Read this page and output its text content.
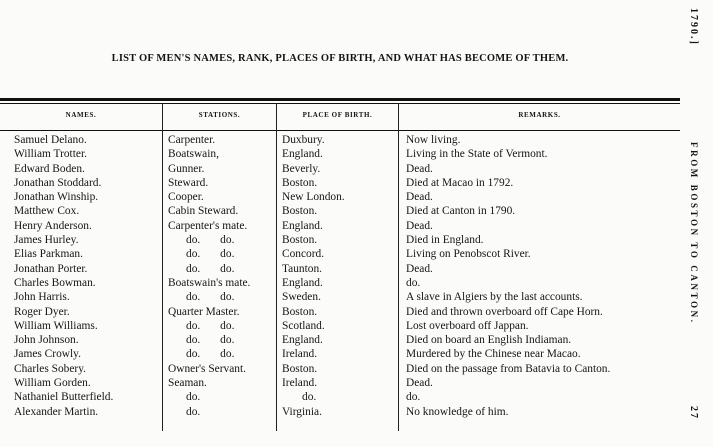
1790.]
FROM BOSTON TO CANTON.
27
LIST OF MEN'S NAMES, RANK, PLACES OF BIRTH, AND WHAT HAS BECOME OF THEM.
NAMES.	STATIONS.	PLACE OF BIRTH.	REMARKS.
Samuel Delano.	Carpenter.	Duxbury.	Now living.
William Trotter.	Boatswain,	England.	Living in the State of Vermont.
Edward Boden.	Gunner.	Beverly.	Dead.
Jonathan Stoddard.	Steward.	Boston.	Died at Macao in 1792.
Jonathan Winship.	Cooper.	New London.	Dead.
Matthew Cox.	Cabin Steward.	Boston.	Died at Canton in 1790.
Henry Anderson.	Carpenter's mate.	England.	Dead.
James Hurley.	do.       do.	Boston.	Died in England.
Elias Parkman.	do.       do.	Concord.	Living on Penobscot River.
Jonathan Porter.	do.       do.	Taunton.	Dead.
Charles Bowman.	Boatswain's mate.	England.	do.
John Harris.	do.       do.	Sweden.	A slave in Algiers by the last accounts.
Roger Dyer.	Quarter Master.	Boston.	Died and thrown overboard off Cape Horn.
William Williams.	do.       do.	Scotland.	Lost overboard off Jappan.
John Johnson.	do.       do.	England.	Died on board an English Indiaman.
James Crowly.	do.       do.	Ireland.	Murdered by the Chinese near Macao.
Charles Sobery.	Owner's Servant.	Boston.	Died on the passage from Batavia to Canton.
William Gorden.	Seaman.	Ireland.	Dead.
Nathaniel Butterfield.	do.	do.	do.
Alexander Martin.	do.	Virginia.	No knowledge of him.
